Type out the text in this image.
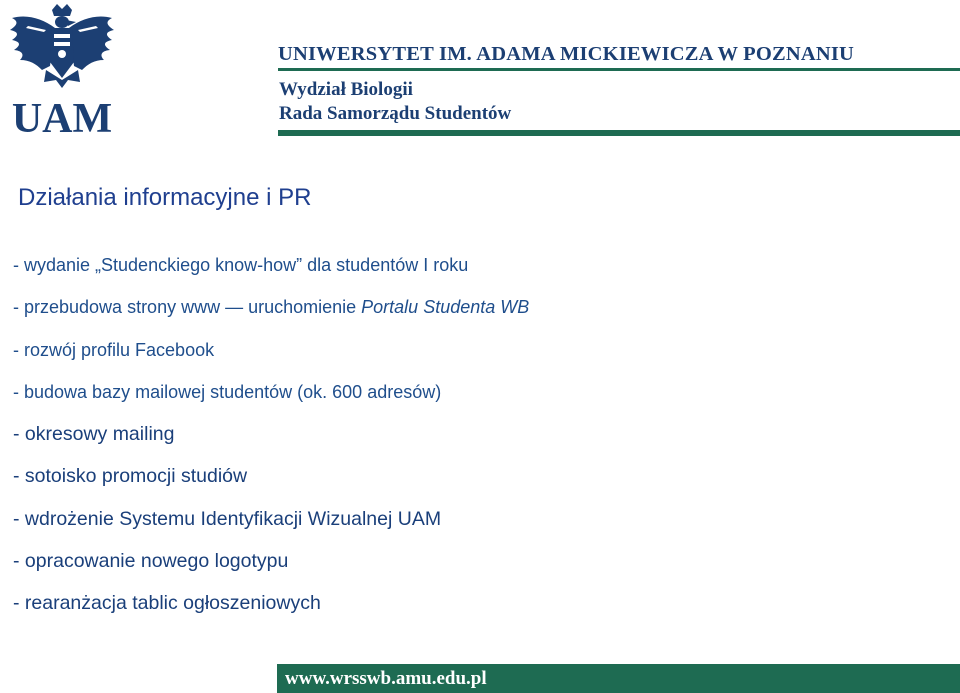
UAM
UNIWERSYTET IM. ADAMA MICKIEWICZA W POZNANIU
Wydział Biologii
Rada Samorządu Studentów
Działania informacyjne i PR
- wydanie „Studenckiego know-how” dla studentów I roku
- przebudowa strony www — uruchomienie Portalu Studenta WB
- rozwój profilu Facebook
- budowa bazy mailowej studentów (ok. 600 adresów)
- okresowy mailing
- sotoisko promocji studiów
- wdrożenie Systemu Identyfikacji Wizualnej UAM
- opracowanie nowego logotypu
- rearanżacja tablic ogłoszeniowych
www.wrsswb.amu.edu.pl
